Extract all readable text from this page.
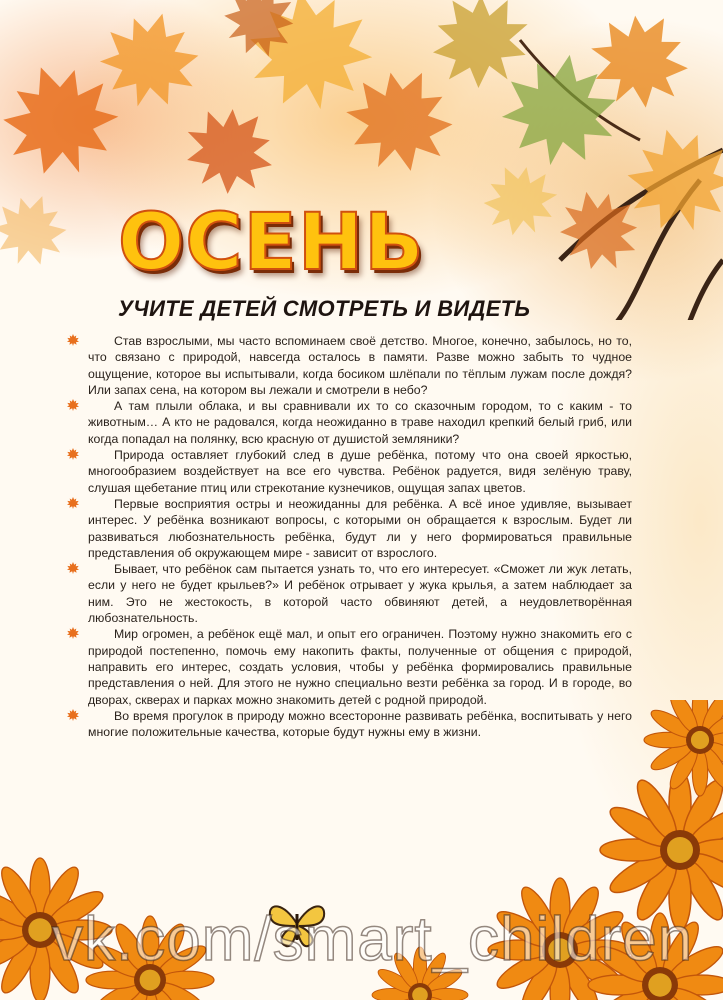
ОСЕНЬ
УЧИТЕ ДЕТЕЙ СМОТРЕТЬ И ВИДЕТЬ

Став взрослыми, мы часто вспоминаем своё детство. Многое, конечно, забылось, но то, что связано с природой, навсегда осталось в памяти. Разве можно забыть то чудное ощущение, которое вы испытывали, когда босиком шлёпали по тёплым лужам после дождя? Или запах сена, на котором вы лежали и смотрели в небо?

А там плыли облака, и вы сравнивали их то со сказочным городом, то с каким - то животным… А кто не радовался, когда неожиданно в траве находил крепкий белый гриб, или когда попадал на полянку, всю красную от душистой земляники?

Природа оставляет глубокий след в душе ребёнка, потому что она своей яркостью, многообразием воздействует на все его чувства. Ребёнок радуется, видя зелёную траву, слушая щебетание птиц или стрекотание кузнечиков, ощущая запах цветов.

Первые восприятия остры и неожиданны для ребёнка. А всё иное удивляе, вызывает интерес. У ребёнка возникают вопросы, с которыми он обращается к взрослым. Будет ли развиваться любознательность ребёнка, будут ли у него формироваться правильные представления об окружающем мире - зависит от взрослого.

Бывает, что ребёнок сам пытается узнать то, что его интересует. «Сможет ли жук летать, если у него не будет крыльев?» И ребёнок отрывает у жука крылья, а затем наблюдает за ним. Это не жестокость, в которой часто обвиняют детей, а неудовлетворённая любознательность.

Мир огромен, а ребёнок ещё мал, и опыт его ограничен. Поэтому нужно знакомить его с природой постепенно, помочь ему накопить факты, полученные от общения с природой, направить его интерес, создать условия, чтобы у ребёнка формировались правильные представления о ней. Для этого не нужно специально везти ребёнка за город. И в городе, во дворах, скверах и парках можно знакомить детей с родной природой.

Во время прогулок в природу можно всесторонне развивать ребёнка, воспитывать у него многие положительные качества, которые будут нужны ему в жизни.

vk.com/smart_children
